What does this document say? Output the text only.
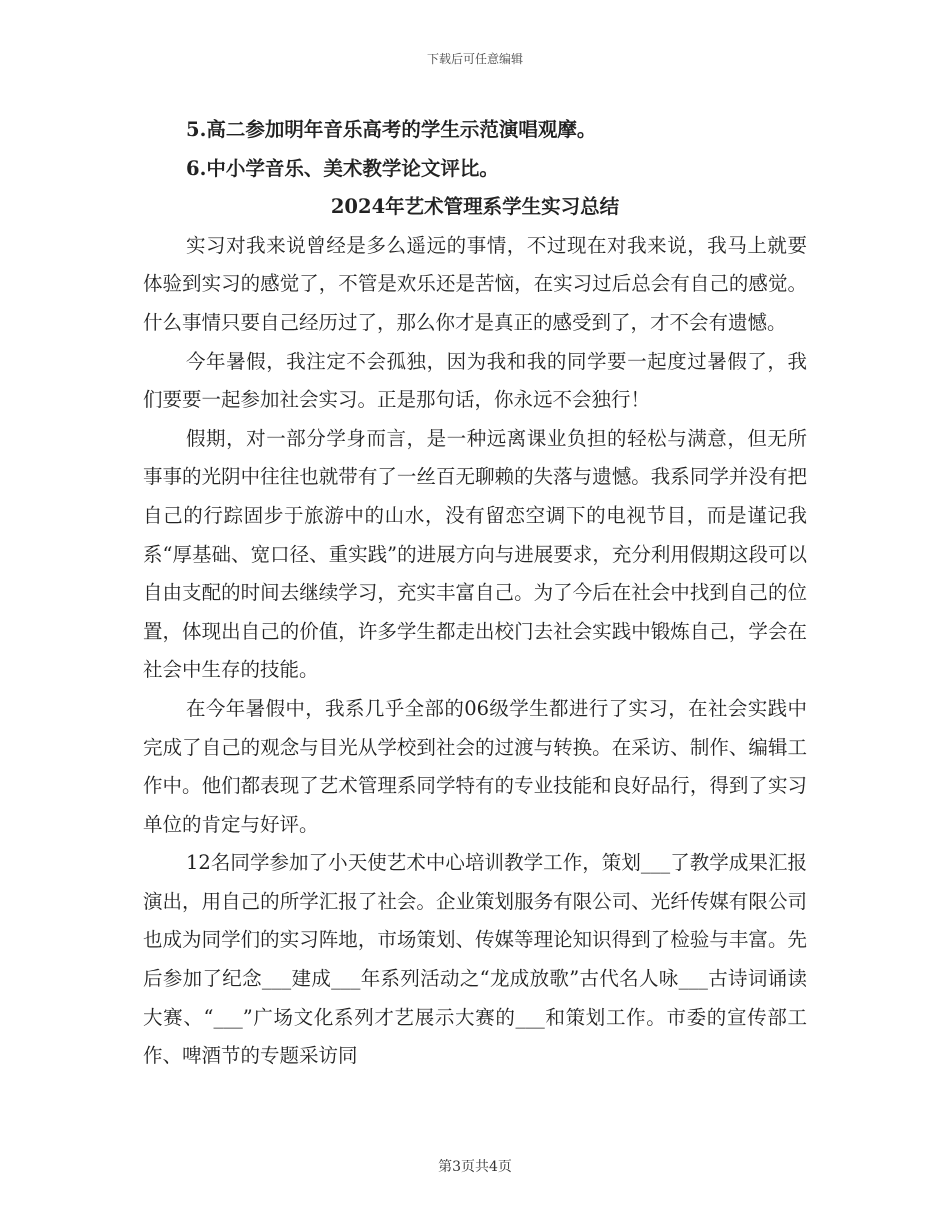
下载后可任意编辑

5.高二参加明年音乐高考的学生示范演唱观摩。

6.中小学音乐、美术教学论文评比。

2024年艺术管理系学生实习总结

实习对我来说曾经是多么遥远的事情，不过现在对我来说，我马上就要体验到实习的感觉了，不管是欢乐还是苦恼，在实习过后总会有自己的感觉。什么事情只要自己经历过了，那么你才是真正的感受到了，才不会有遗憾。

今年暑假，我注定不会孤独，因为我和我的同学要一起度过暑假了，我们要要一起参加社会实习。正是那句话，你永远不会独行！

假期，对一部分学身而言，是一种远离课业负担的轻松与满意，但无所事事的光阴中往往也就带有了一丝百无聊赖的失落与遗憾。我系同学并没有把自己的行踪固步于旅游中的山水，没有留恋空调下的电视节目，而是谨记我系“厚基础、宽口径、重实践”的进展方向与进展要求，充分利用假期这段可以自由支配的时间去继续学习，充实丰富自己。为了今后在社会中找到自己的位置，体现出自己的价值，许多学生都走出校门去社会实践中锻炼自己，学会在社会中生存的技能。

在今年暑假中，我系几乎全部的06级学生都进行了实习，在社会实践中完成了自己的观念与目光从学校到社会的过渡与转换。在采访、制作、编辑工作中。他们都表现了艺术管理系同学特有的专业技能和良好品行，得到了实习单位的肯定与好评。

12名同学参加了小天使艺术中心培训教学工作，策划___了教学成果汇报演出，用自己的所学汇报了社会。企业策划服务有限公司、光纤传媒有限公司也成为同学们的实习阵地，市场策划、传媒等理论知识得到了检验与丰富。先后参加了纪念___建成___年系列活动之“龙成放歌”古代名人咏___古诗词诵读大赛、“___”广场文化系列才艺展示大赛的___和策划工作。市委的宣传部工作、啤酒节的专题采访同

第3页共4页
